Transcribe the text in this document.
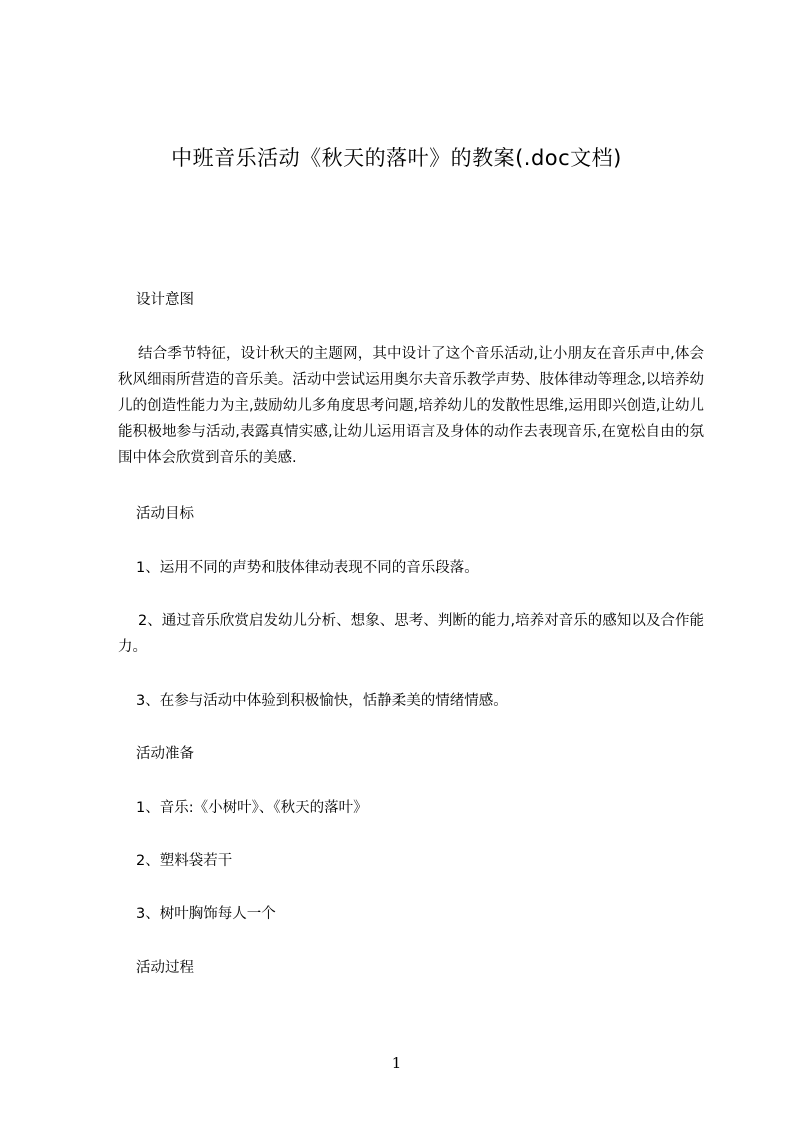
中班音乐活动《秋天的落叶》的教案(.doc文档)

设计意图

结合季节特征，设计秋天的主题网，其中设计了这个音乐活动,让小朋友在音乐声中,体会秋风细雨所营造的音乐美。活动中尝试运用奥尔夫音乐教学声势、肢体律动等理念,以培养幼儿的创造性能力为主,鼓励幼儿多角度思考问题,培养幼儿的发散性思维,运用即兴创造,让幼儿能积极地参与活动,表露真情实感,让幼儿运用语言及身体的动作去表现音乐,在宽松自由的氛围中体会欣赏到音乐的美感.

活动目标

1、运用不同的声势和肢体律动表现不同的音乐段落。

2、通过音乐欣赏启发幼儿分析、想象、思考、判断的能力,培养对音乐的感知以及合作能力。

3、在参与活动中体验到积极愉快，恬静柔美的情绪情感。

活动准备

1、音乐:《小树叶》、《秋天的落叶》

2、塑料袋若干

3、树叶胸饰每人一个

活动过程

1
